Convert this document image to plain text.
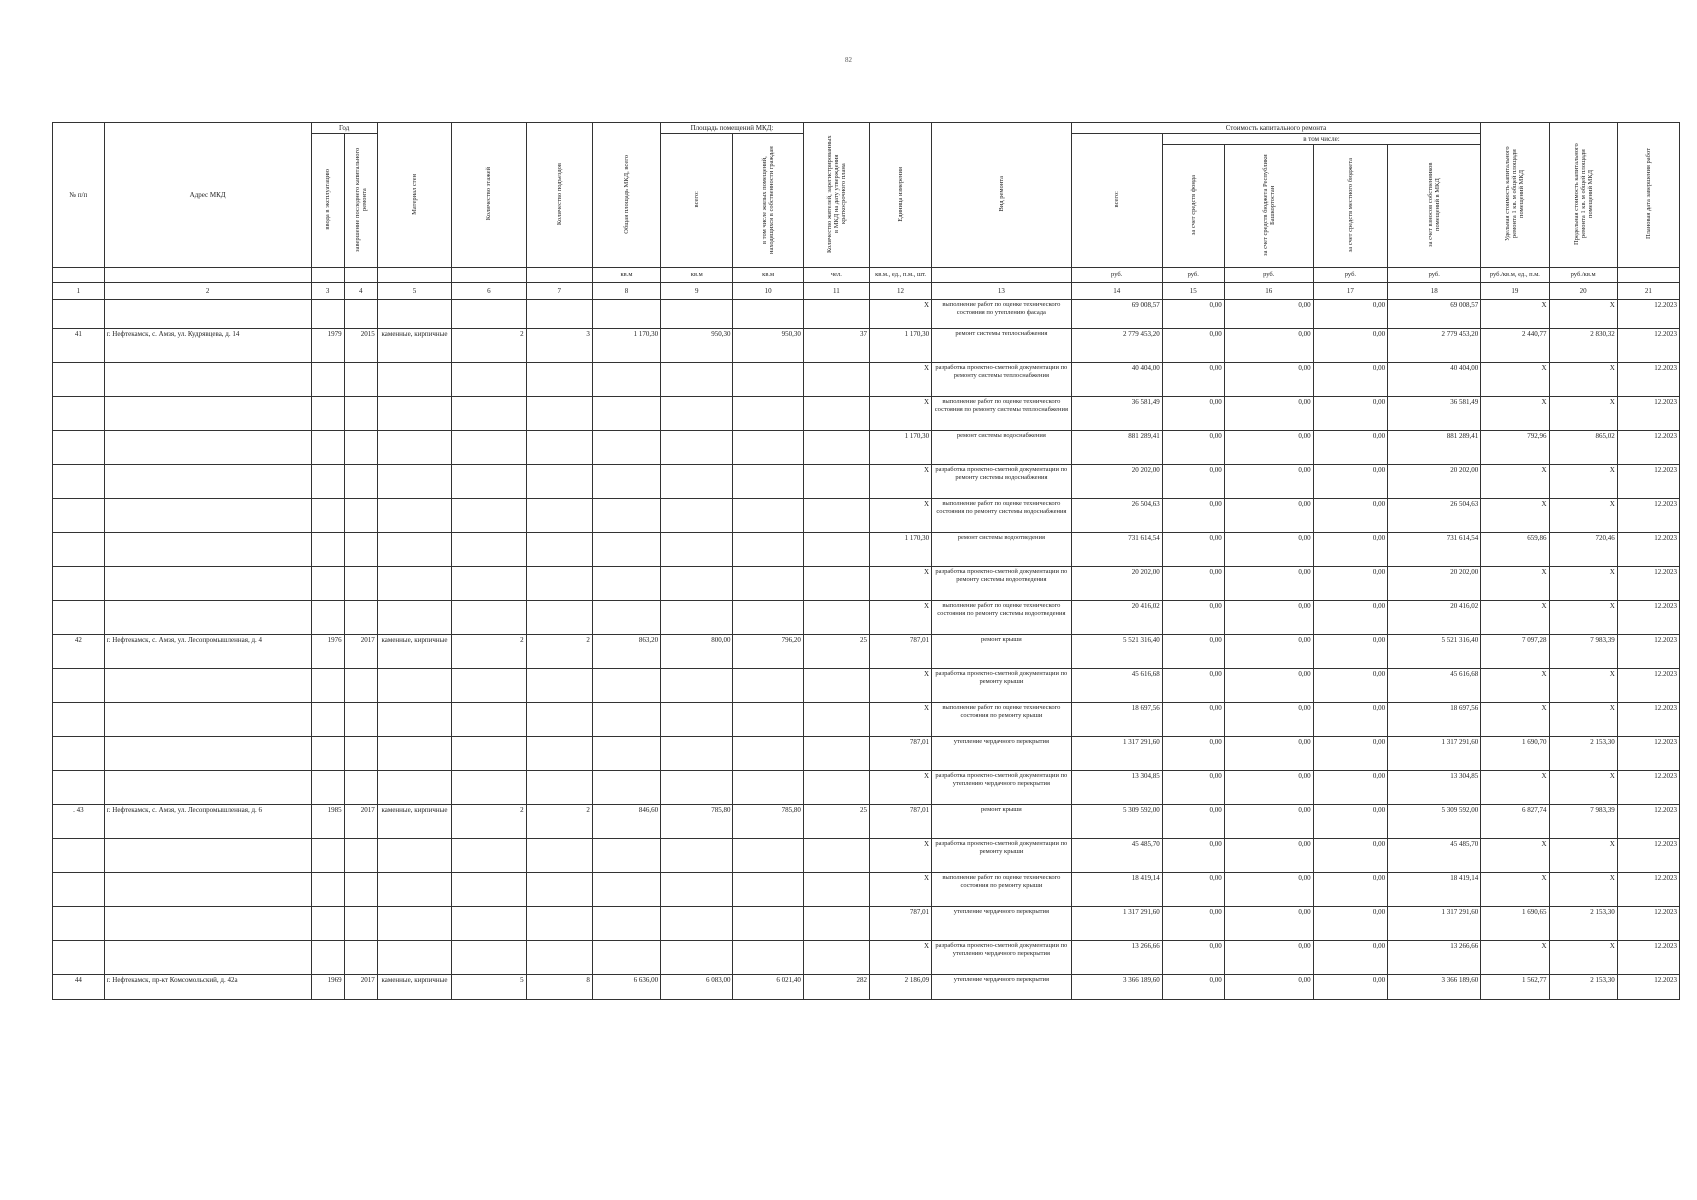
82
№ п/п	Адрес МКД	Год		Материал стен	Количество этажей	Количество подъездов	Общая площадь МКД, всего	Площадь помещений МКД:		Количество жителей, зарегистрированных в МКД на дату утверждения краткосрочного плана	Единица измерения	Вид ремонта	Стоимость капитального ремонта					Удельная стоимость капитального ремонта 1 кв. м общей площади помещений МКД	Предельная стоимость капитального ремонта 1 кв. м общей площади помещений МКД	Плановая дата завершения работ
		ввода в эксплуатацию	завершение последнего капитального ремонта					всего:	в том числе жилых помещений, находящихся в собственности граждан				всего:	в том числе:						
														за счет средств фонда	за счет средств бюджета Республики Башкортостан	за счет средств местного бюджета	за счет взносов собственников помещений в МКД			
							кв.м	кв.м	кв.м	чел.	кв.м., ед., п.м., шт.		руб.	руб.	руб.	руб.	руб.	руб./кв.м, ед., п.м.	руб./кв.м	
1	2	3	4	5	6	7	8	9	10	11	12	13	14	15	16	17	18	19	20	21
											X	выполнение работ по оценке технического состояния по утеплению фасада	69 008,57	0,00	0,00	0,00	69 008,57	X	X	12.2023
41	г. Нефтекамск, с. Амзя, ул. Кудрявцева, д. 14	1979	2015	каменные, кирпичные	2	3	1 170,30	950,30	950,30	37	1 170,30	ремонт системы теплоснабжения	2 779 453,20	0,00	0,00	0,00	2 779 453,20	2 440,77	2 830,32	12.2023
											X	разработка проектно-сметной документации по ремонту системы теплоснабжения	40 404,00	0,00	0,00	0,00	40 404,00	X	X	12.2023
											X	выполнение работ по оценке технического состояния по ремонту системы теплоснабжения	36 581,49	0,00	0,00	0,00	36 581,49	X	X	12.2023
											1 170,30	ремонт системы водоснабжения	881 289,41	0,00	0,00	0,00	881 289,41	792,96	865,02	12.2023
											X	разработка проектно-сметной документации по ремонту системы водоснабжения	20 202,00	0,00	0,00	0,00	20 202,00	X	X	12.2023
											X	выполнение работ по оценке технического состояния по ремонту системы водоснабжения	26 504,63	0,00	0,00	0,00	26 504,63	X	X	12.2023
											1 170,30	ремонт системы водоотведения	731 614,54	0,00	0,00	0,00	731 614,54	659,86	720,46	12.2023
											X	разработка проектно-сметной документации по ремонту системы водоотведения	20 202,00	0,00	0,00	0,00	20 202,00	X	X	12.2023
											X	выполнение работ по оценке технического состояния по ремонту системы водоотведения	20 416,02	0,00	0,00	0,00	20 416,02	X	X	12.2023
42	г. Нефтекамск, с. Амзя, ул. Лесопромышленная, д. 4	1976	2017	каменные, кирпичные	2	2	863,20	800,00	796,20	25	787,01	ремонт крыши	5 521 316,40	0,00	0,00	0,00	5 521 316,40	7 097,28	7 983,39	12.2023
											X	разработка проектно-сметной документации по ремонту крыши	45 616,68	0,00	0,00	0,00	45 616,68	X	X	12.2023
											X	выполнение работ по оценке технического состояния по ремонту крыши	18 697,56	0,00	0,00	0,00	18 697,56	X	X	12.2023
											787,01	утепление чердачного перекрытия	1 317 291,60	0,00	0,00	0,00	1 317 291,60	1 690,70	2 153,30	12.2023
											X	разработка проектно-сметной документации по утеплению чердачного перекрытия	13 304,85	0,00	0,00	0,00	13 304,85	X	X	12.2023
. 43	г. Нефтекамск, с. Амзя, ул. Лесопромышленная, д. 6	1985	2017	каменные, кирпичные	2	2	846,60	785,80	785,80	25	787,01	ремонт крыши	5 309 592,00	0,00	0,00	0,00	5 309 592,00	6 827,74	7 983,39	12.2023
											X	разработка проектно-сметной документации по ремонту крыши	45 485,70	0,00	0,00	0,00	45 485,70	X	X	12.2023
											X	выполнение работ по оценке технического состояния по ремонту крыши	18 419,14	0,00	0,00	0,00	18 419,14	X	X	12.2023
											787,01	утепление чердачного перекрытия	1 317 291,60	0,00	0,00	0,00	1 317 291,60	1 690,65	2 153,30	12.2023
											X	разработка проектно-сметной документации по утеплению чердачного перекрытия	13 266,66	0,00	0,00	0,00	13 266,66	X	X	12.2023
44	г. Нефтекамск, пр-кт Комсомольский, д. 42а	1969	2017	каменные, кирпичные	5	8	6 636,00	6 083,00	6 021,40	282	2 186,09	утепление чердачного перекрытия	3 366 189,60	0,00	0,00	0,00	3 366 189,60	1 562,77	2 153,30	12.2023
